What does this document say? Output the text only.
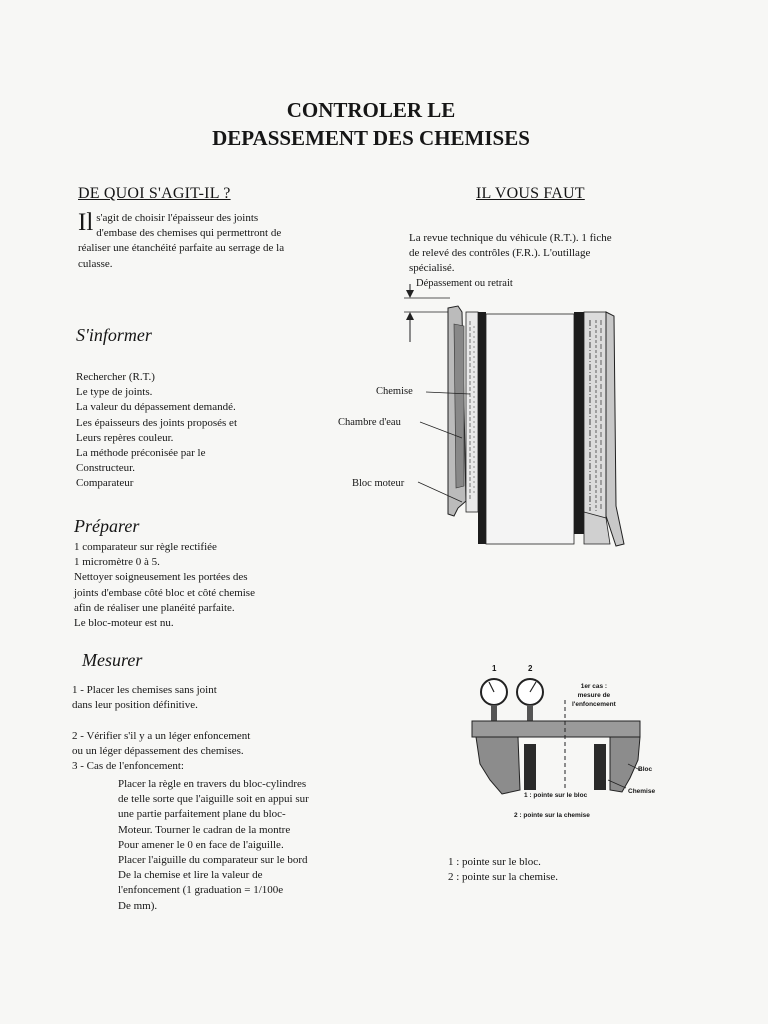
CONTROLER LE
DEPASSEMENT DES CHEMISES
DE QUOI S'AGIT-IL ?
Il s'agit de choisir l'épaisseur des joints
d'embase des chemises qui permettront de
réaliser une étanchéité parfaite au serrage de la
culasse.
IL VOUS FAUT
La revue technique du véhicule (R.T.). 1 fiche
de relevé des contrôles (F.R.). L'outillage
spécialisé.
S'informer
Rechercher (R.T.)
Le type de joints.
La valeur du dépassement demandé.
Les épaisseurs des joints proposés et
Leurs repères couleur.
La méthode préconisée par le
Constructeur.
Comparateur
Préparer
1 comparateur sur règle rectifiée
1 micromètre 0 à 5.
Nettoyer soigneusement les portées des
joints d'embase côté bloc et côté chemise
afin de réaliser une planéité parfaite.
Le bloc-moteur est nu.
Mesurer
1 - Placer les chemises sans joint
dans leur position définitive.
2 - Vérifier s'il y a un léger enfoncement
ou un léger dépassement des chemises.
3 - Cas de l'enfoncement:
Placer la règle en travers du bloc-cylindres
de telle sorte que l'aiguille soit en appui sur
une partie parfaitement plane du bloc-
Moteur. Tourner le cadran de la montre
Pour amener le 0 en face de l'aiguille.
Placer l'aiguille du comparateur sur le bord
De la chemise et lire la valeur de
l'enfoncement (1 graduation = 1/100e
De mm).
Dépassement ou retrait
Chemise
Chambre d'eau
Bloc moteur
1	2
1er cas :
mesure de
l'enfoncement
Bloc
Chemise
1 : pointe sur le bloc
2 : pointe sur la chemise
1 : pointe sur le bloc.
2 : pointe sur la chemise.
